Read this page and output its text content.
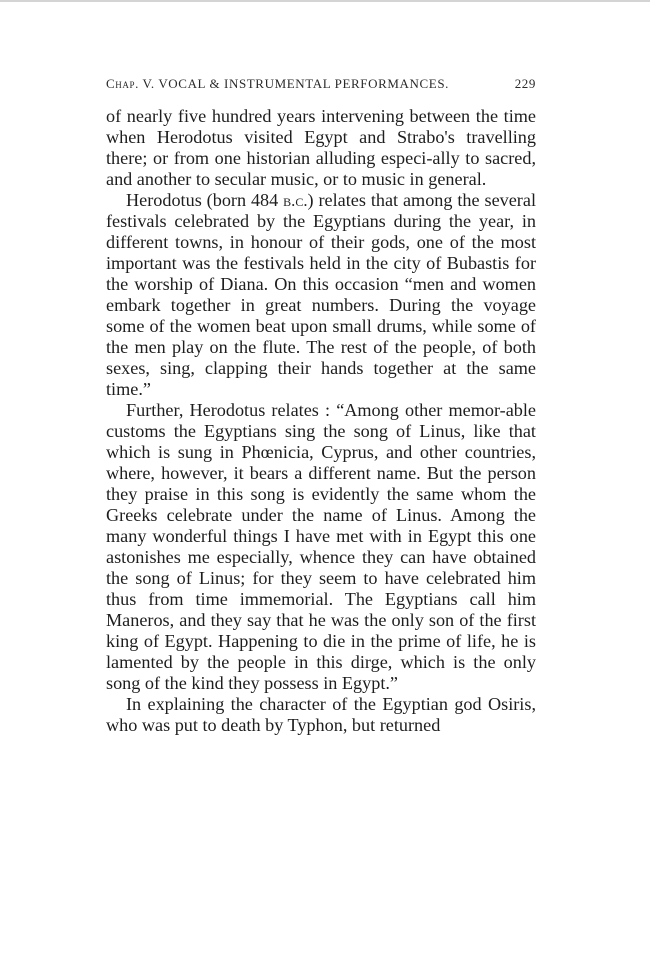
Chap. V. VOCAL & INSTRUMENTAL PERFORMANCES.	229

of nearly five hundred years intervening between the time when Herodotus visited Egypt and Strabo's travelling there; or from one historian alluding especi-ally to sacred, and another to secular music, or to music in general.

Herodotus (born 484 b.c.) relates that among the several festivals celebrated by the Egyptians during the year, in different towns, in honour of their gods, one of the most important was the festivals held in the city of Bubastis for the worship of Diana. On this occasion “men and women embark together in great numbers. During the voyage some of the women beat upon small drums, while some of the men play on the flute. The rest of the people, of both sexes, sing, clapping their hands together at the same time.”

Further, Herodotus relates : “Among other memor-able customs the Egyptians sing the song of Linus, like that which is sung in Phœnicia, Cyprus, and other countries, where, however, it bears a different name. But the person they praise in this song is evidently the same whom the Greeks celebrate under the name of Linus. Among the many wonderful things I have met with in Egypt this one astonishes me especially, whence they can have obtained the song of Linus; for they seem to have celebrated him thus from time immemorial. The Egyptians call him Maneros, and they say that he was the only son of the first king of Egypt. Happening to die in the prime of life, he is lamented by the people in this dirge, which is the only song of the kind they possess in Egypt.”

In explaining the character of the Egyptian god Osiris, who was put to death by Typhon, but returned
